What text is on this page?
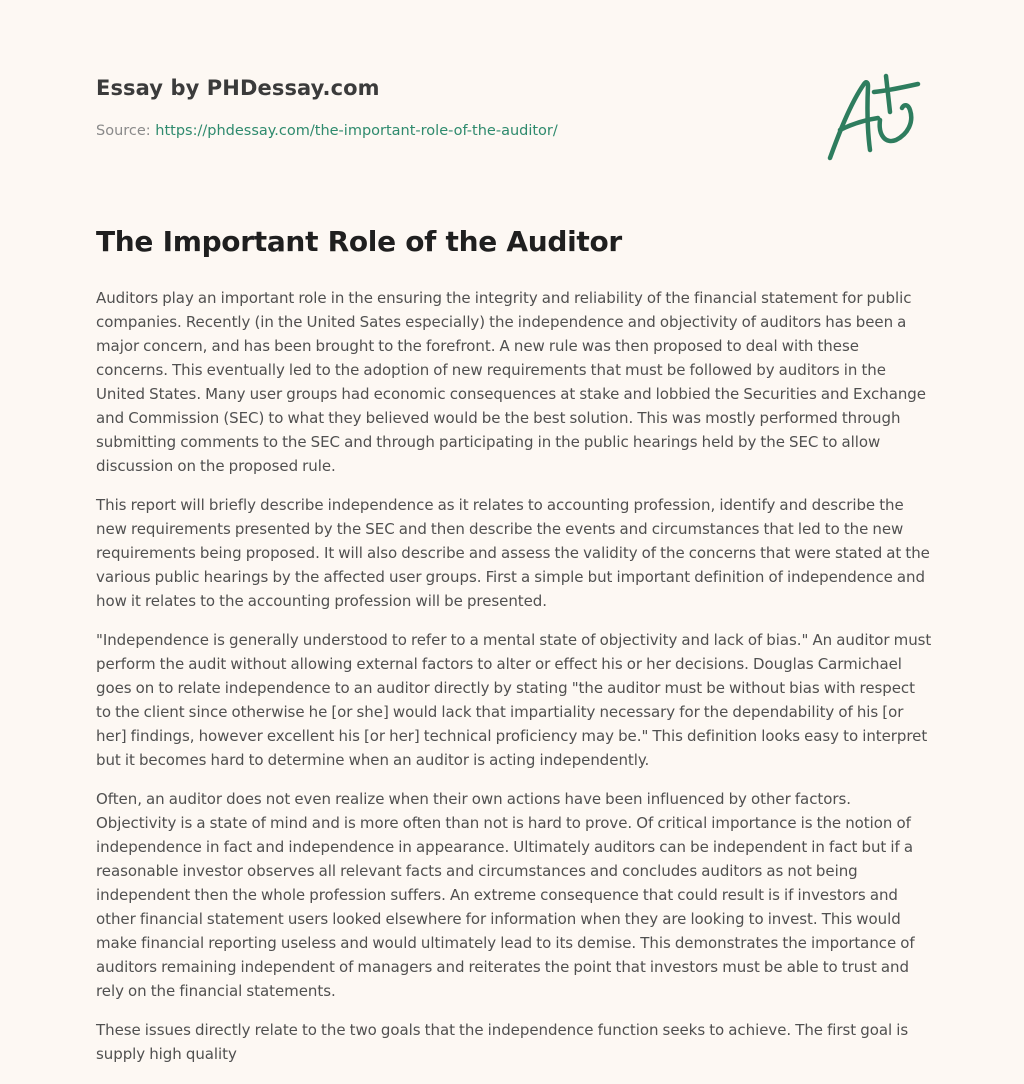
Essay by PHDessay.com
Source: https://phdessay.com/the-important-role-of-the-auditor/
The Important Role of the Auditor

Auditors play an important role in the ensuring the integrity and reliability of the financial statement for public companies. Recently (in the United Sates especially) the independence and objectivity of auditors has been a major concern, and has been brought to the forefront. A new rule was then proposed to deal with these concerns. This eventually led to the adoption of new requirements that must be followed by auditors in the United States. Many user groups had economic consequences at stake and lobbied the Securities and Exchange and Commission (SEC) to what they believed would be the best solution. This was mostly performed through submitting comments to the SEC and through participating in the public hearings held by the SEC to allow discussion on the proposed rule.

This report will briefly describe independence as it relates to accounting profession, identify and describe the new requirements presented by the SEC and then describe the events and circumstances that led to the new requirements being proposed. It will also describe and assess the validity of the concerns that were stated at the various public hearings by the affected user groups. First a simple but important definition of independence and how it relates to the accounting profession will be presented.

"Independence is generally understood to refer to a mental state of objectivity and lack of bias." An auditor must perform the audit without allowing external factors to alter or effect his or her decisions. Douglas Carmichael goes on to relate independence to an auditor directly by stating "the auditor must be without bias with respect to the client since otherwise he [or she] would lack that impartiality necessary for the dependability of his [or her] findings, however excellent his [or her] technical proficiency may be." This definition looks easy to interpret but it becomes hard to determine when an auditor is acting independently.

Often, an auditor does not even realize when their own actions have been influenced by other factors. Objectivity is a state of mind and is more often than not is hard to prove. Of critical importance is the notion of independence in fact and independence in appearance. Ultimately auditors can be independent in fact but if a reasonable investor observes all relevant facts and circumstances and concludes auditors as not being independent then the whole profession suffers. An extreme consequence that could result is if investors and other financial statement users looked elsewhere for information when they are looking to invest. This would make financial reporting useless and would ultimately lead to its demise. This demonstrates the importance of auditors remaining independent of managers and reiterates the point that investors must be able to trust and rely on the financial statements.

These issues directly relate to the two goals that the independence function seeks to achieve. The first goal is supply high quality
